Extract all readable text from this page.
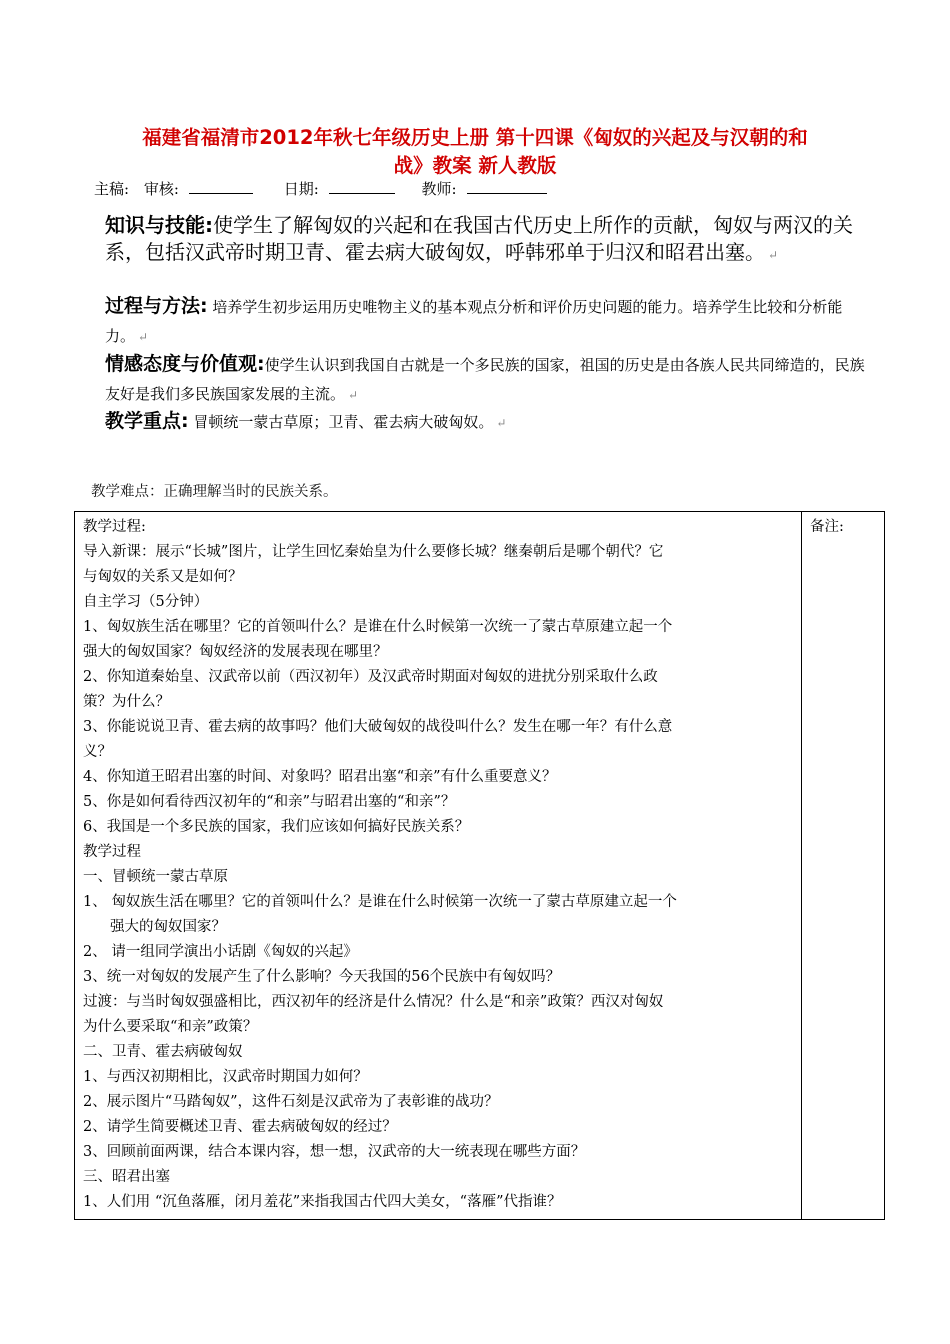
福建省福清市2012年秋七年级历史上册 第十四课《匈奴的兴起及与汉朝的和
战》教案 新人教版
主稿: 审核:	日期:	教师:
知识与技能:使学生了解匈奴的兴起和在我国古代历史上所作的贡献，匈奴与两汉的关系，包括汉武帝时期卫青、霍去病大破匈奴，呼韩邪单于归汉和昭君出塞。 ↵
过程与方法: 培养学生初步运用历史唯物主义的基本观点分析和评价历史问题的能力。培养学生比较和分析能力。 ↵
情感态度与价值观:使学生认识到我国自古就是一个多民族的国家，祖国的历史是由各族人民共同缔造的，民族友好是我们多民族国家发展的主流。 ↵
教学重点: 冒顿统一蒙古草原；卫青、霍去病大破匈奴。 ↵
教学难点：正确理解当时的民族关系。

教学过程:

导入新课：展示“长城”图片，让学生回忆秦始皇为什么要修长城？继秦朝后是哪个朝代？它

与匈奴的关系又是如何？

自主学习（5分钟）

1、匈奴族生活在哪里？它的首领叫什么？是谁在什么时候第一次统一了蒙古草原建立起一个

强大的匈奴国家？匈奴经济的发展表现在哪里？

2、你知道秦始皇、汉武帝以前（西汉初年）及汉武帝时期面对匈奴的进扰分别采取什么政

策？为什么？

3、你能说说卫青、霍去病的故事吗？他们大破匈奴的战役叫什么？发生在哪一年？有什么意

义？

4、你知道王昭君出塞的时间、对象吗？昭君出塞“和亲”有什么重要意义？

5、你是如何看待西汉初年的“和亲”与昭君出塞的“和亲”？

6、我国是一个多民族的国家，我们应该如何搞好民族关系？

教学过程

一、冒顿统一蒙古草原

1、 匈奴族生活在哪里？它的首领叫什么？是谁在什么时候第一次统一了蒙古草原建立起一个

强大的匈奴国家？

2、 请一组同学演出小话剧《匈奴的兴起》

3、统一对匈奴的发展产生了什么影响？今天我国的56个民族中有匈奴吗？

过渡：与当时匈奴强盛相比，西汉初年的经济是什么情况？什么是“和亲”政策？西汉对匈奴

为什么要采取“和亲”政策？

二、卫青、霍去病破匈奴

1、与西汉初期相比，汉武帝时期国力如何？

2、展示图片“马踏匈奴”，这件石刻是汉武帝为了表彰谁的战功？

2、请学生简要概述卫青、霍去病破匈奴的经过？

3、回顾前面两课，结合本课内容，想一想，汉武帝的大一统表现在哪些方面？

三、昭君出塞

1、人们用 “沉鱼落雁，闭月羞花”来指我国古代四大美女，“落雁”代指谁？

	备注:
